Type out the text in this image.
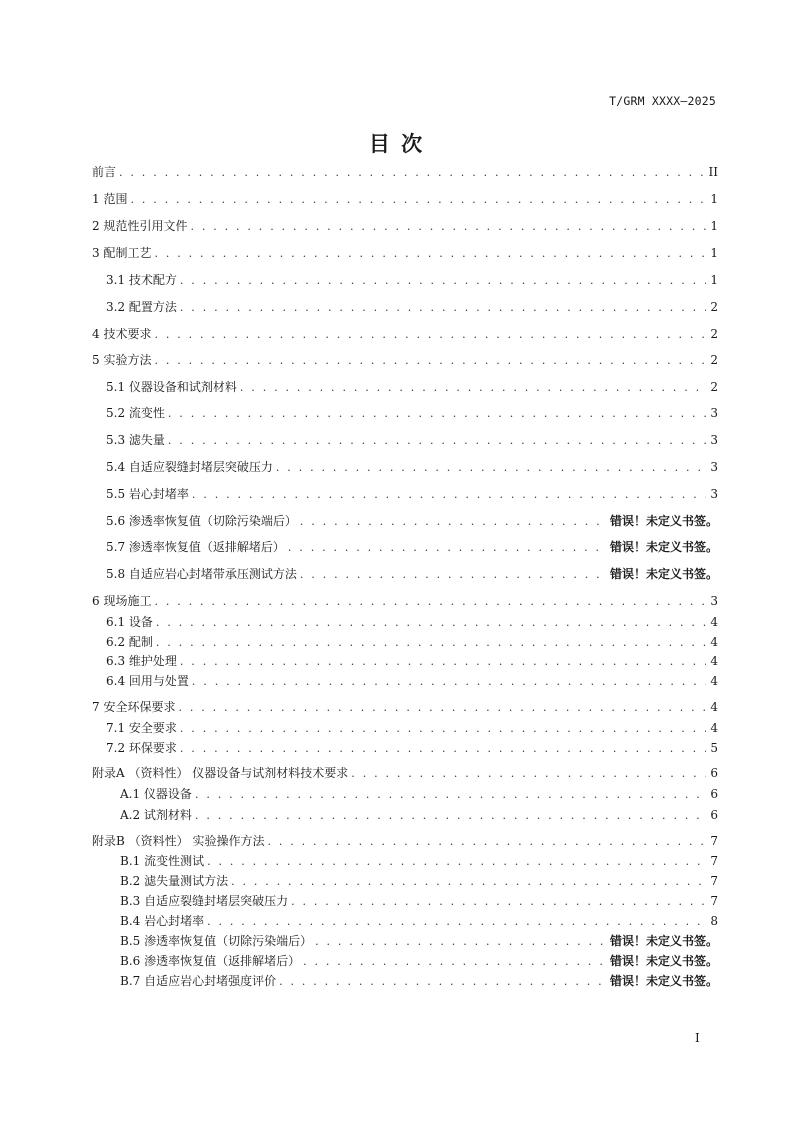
T/GRM XXXX—2025
目 次
前言 . . .	II
1 范围 . . .	1
2 规范性引用文件 . . .	1
3 配制工艺 . . .	1
3.1 技术配方 . . .	1
3.2 配置方法 . . .	2
4 技术要求 . . .	2
5 实验方法 . . .	2
5.1 仪器设备和试剂材料 . . .	2
5.2 流变性 . . .	3
5.3 滤失量 . . .	3
5.4 自适应裂缝封堵层突破压力 . . .	3
5.5 岩心封堵率 . . .	3
5.6 渗透率恢复值（切除污染端后） . . .	错误！未定义书签。
5.7 渗透率恢复值（返排解堵后） . . .	错误！未定义书签。
5.8 自适应岩心封堵带承压测试方法 . . .	错误！未定义书签。
6 现场施工 . . .	3
6.1 设备 . . .	4
6.2 配制 . . .	4
6.3 维护处理 . . .	4
6.4 回用与处置 . . .	4
7 安全环保要求 . . .	4
7.1 安全要求 . . .	4
7.2 环保要求 . . .	5
附录A （资料性） 仪器设备与试剂材料技术要求 . . .	6
A.1 仪器设备 . . .	6
A.2 试剂材料 . . .	6
附录B （资料性） 实验操作方法 . . .	7
B.1 流变性测试 . . .	7
B.2 滤失量测试方法 . . .	7
B.3 自适应裂缝封堵层突破压力 . . .	7
B.4 岩心封堵率 . . .	8
B.5 渗透率恢复值（切除污染端后） . . .	错误！未定义书签。
B.6 渗透率恢复值（返排解堵后） . . .	错误！未定义书签。
B.7 自适应岩心封堵强度评价 . . .	错误！未定义书签。
I
